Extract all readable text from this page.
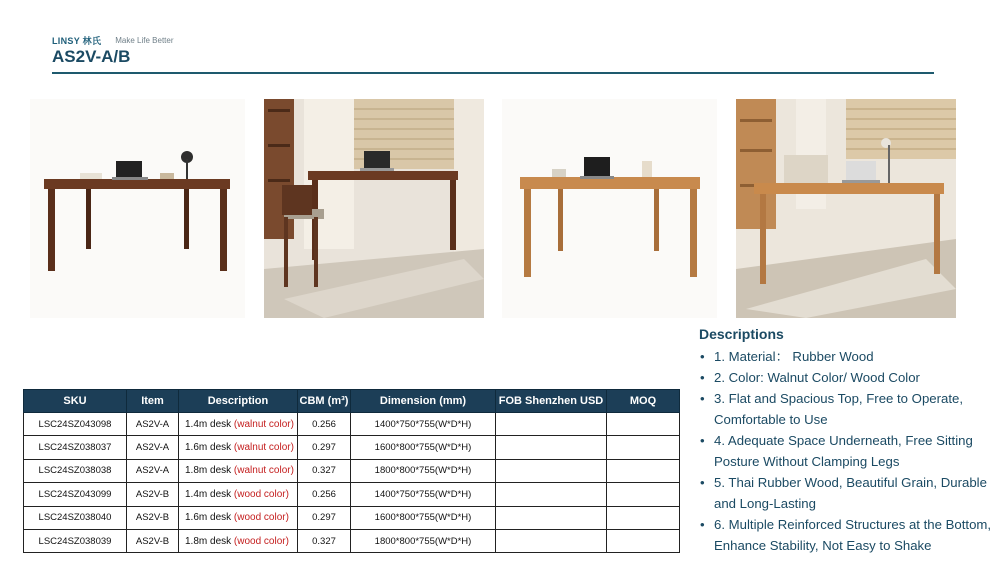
LINSY 林氏 Make Life Better
AS2V-A/B
Descriptions
• 1. Material： Rubber Wood
• 2. Color: Walnut Color/ Wood Color
• 3. Flat and Spacious Top, Free to Operate, Comfortable to Use
• 4. Adequate Space Underneath, Free Sitting Posture Without Clamping Legs
• 5. Thai Rubber Wood, Beautiful Grain, Durable and Long-Lasting
• 6. Multiple Reinforced Structures at the Bottom, Enhance Stability, Not Easy to Shake
SKU	Item	Description	CBM (m³)	Dimension (mm)	FOB Shenzhen USD	MOQ
LSC24SZ043098	AS2V-A	1.4m desk (walnut color)	0.256	1400*750*755(W*D*H)		
LSC24SZ038037	AS2V-A	1.6m desk (walnut color)	0.297	1600*800*755(W*D*H)		
LSC24SZ038038	AS2V-A	1.8m desk (walnut color)	0.327	1800*800*755(W*D*H)		
LSC24SZ043099	AS2V-B	1.4m desk (wood color)	0.256	1400*750*755(W*D*H)		
LSC24SZ038040	AS2V-B	1.6m desk (wood color)	0.297	1600*800*755(W*D*H)		
LSC24SZ038039	AS2V-B	1.8m desk (wood color)	0.327	1800*800*755(W*D*H)		
